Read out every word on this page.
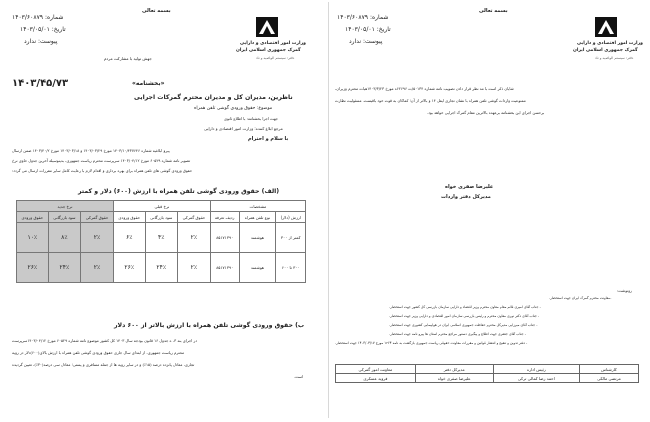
بسمه تعالی
شماره: ۱۴۰۳/۶۰۸۷۹
تاریخ: ۱۴۰۳/۰۵/۰۱
پیوست: ندارد	وزارت امور اقتصادی و دارایی
گمرک جمهوری اسلامی ایران
دفتر: سیستم الواصیه و ناد
جهش تولید با مشارکت مردم
۱۴۰۳/۴۵/۷۳	«بخشنامه»
ناظرین، مدیران کل و مدیران محترم گمرکات اجرایی
موضوع: حقوق ورودی گوشی تلفن همراه
جهت اجرا بخشنامه: با اطلاع ثانوی
مرجع ابلاغ کننده: وزارت امور اقتصادی و دارایی
با سلام و احترام
پیرو ابلاغیه شماره ۱۴۰۳/۱۰/۴۳۷۶۴۶ مورخ ۱۴۰۳/۰۳/۲۹ و ۱۴۰۳/۰۳/۱۸ مورخ ۱۴۰۳/۴۰/۲ ضمن ارسال
تصویر نامه شماره ۶۰۵۲۹ مورخ ۱۴۰۳/۰۴/۱۲ سرپرست محترم ریاست جمهوری، بدینوسیله آخرین جدول حاوی نرخ
حقوق ورودی گوشی های تلفن همراه برای بهره برداری و اقدام لازم با رعایت کامل سایر مقررات ارسال می گردد:
(الف) حقوق ورودی گوشی تلفن همراه با ارزش (۶۰۰) دلار و کمتر
مشخصات			نرخ قبلی			نرخ جدید		
ارزش (دلار)	نوع تلفن همراه	ردیف تعرفه	حقوق گمرکی	سود بازرگانی	حقوق ورودی	حقوق گمرکی	سود بازرگانی	حقوق ورودی
کمتر از ۳۰۰	هوشمند	۸۵۱۷۱۳۹۰	۲٪	۴٪	۶٪	۲٪	۸٪	۱۰٪
۳۰۰ تا ۶۰۰	هوشمند	۸۵۱۷۱۳۹۰	۲٪	۲۴٪	۲۶٪	۲٪	۲۴٪	۲۶٪
ب) حقوق ورودی گوشی تلفن همراه با ارزش بالاتر از ۶۰۰ دلار
در اجرای بند ۳- ه جدول ۱۶ قانون بودجه سال ۱۴۰۳ کل کشور موضوع نامه شماره ۶۰۵۲۹ مورخ ۱۴۰۳/۰۴/۱۲سرپرست
محترم ریاست جمهوری، از ابتدای سال جاری حقوق ورودی گوشی تلفن همراه با ارزش بالای(۶۰۰)دلار در رویه
تجاری، معادل پانزده درصد (۱۵٪) و در سایر رویه ها از جمله مسافری و پستی؛ معادل سی درصد(۳۰٪)، تعیین گردیده
است.
بسمه تعالی
شماره: ۱۴۰۳/۶۰۸۷۹
تاریخ: ۱۴۰۳/۰۵/۰۱
پیوست: ندارد	وزارت امور اقتصادی و دارایی
گمرک جمهوری اسلامی ایران
دفتر: سیستم الواصیه و ناد
شایان ذکر است با مد نظر قرار دادن تصویب نامه شماره ۵۰۱۳۴/ت ۶۲۶۹۶ه مورخ ۱۴۰۳/۳/۲۳هیات محترم وزیران،
ممنوعیت واردات گوشی تلفن همراه با نشان تجاری ایفل ۱۴ و بالاتر از آن؛ کماکان به قوت خود باقیست. مسئولیت نظارت
برحسن اجرای این بخشنامه برعهده بالاترین مقام گمرک اجرایی خواهد بود.
علیرضا صفری خواه
مدیرکل دفتر واردات
رونوشت:
-معاونت محترم گمرک ایران جهت استحضار.
- جناب آقای امیری قائم مقام معاون محترم وزیر اقتصاد و دارایی سازمان بازرسی کل کشور جهت استحضار.
- جناب آقای دکتر نوری معاون محترم و رئیس بازرسی سازمان امور اقتصادی و دارایی وزیر جهت استحضار.
- جناب آقای میرزایی مدیرکل محترم حفاظت جمهوری اسلامی ایران در هواپیمایی کشوری جهت استحضار.
- جناب آقای جعفری جهت اطلاع و پیگیری دستور مراجع محترم استان ها پیرو نامه جهت استحضار.
- دفتر تدوین و تنقیح و انتشار قوانین و مقررات معاونت حقوقی ریاست جمهوری بازگشت به نامه ۱۲۶۴ مورخ ۱۴۰۳/۰۴/۱۷ جهت استحضار.
کارشناس	رئیس اداره	مدیرکل دفتر	معاونت امور گمرکی
مرتضی مالکی	احمد رضا کمالی ترکی	علیرضا صفری خواه	فروید عسکری
